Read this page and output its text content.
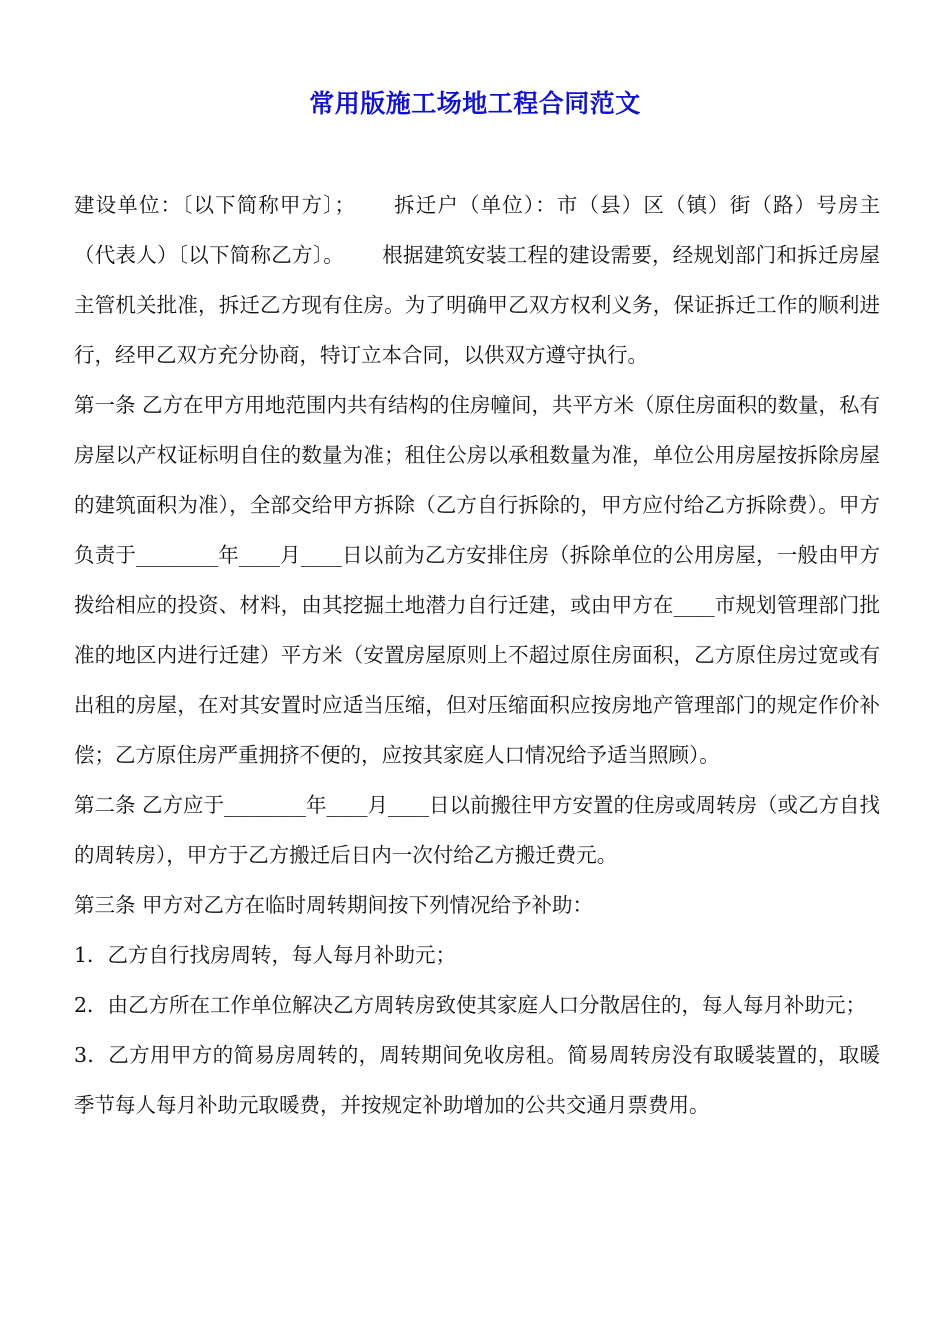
常用版施工场地工程合同范文

建设单位：〔以下简称甲方〕； 拆迁户（单位）：市（县）区（镇）街（路）号房主（代表人）〔以下简称乙方〕。 根据建筑安装工程的建设需要，经规划部门和拆迁房屋主管机关批准，拆迁乙方现有住房。为了明确甲乙双方权利义务，保证拆迁工作的顺利进行，经甲乙双方充分协商，特订立本合同，以供双方遵守执行。

第一条 乙方在甲方用地范围内共有结构的住房幢间，共平方米（原住房面积的数量，私有房屋以产权证标明自住的数量为准；租住公房以承租数量为准，单位公用房屋按拆除房屋的建筑面积为准），全部交给甲方拆除（乙方自行拆除的，甲方应付给乙方拆除费）。甲方负责于________年____月____日以前为乙方安排住房（拆除单位的公用房屋，一般由甲方拨给相应的投资、材料，由其挖掘土地潜力自行迁建，或由甲方在____市规划管理部门批准的地区内进行迁建）平方米（安置房屋原则上不超过原住房面积，乙方原住房过宽或有出租的房屋，在对其安置时应适当压缩，但对压缩面积应按房地产管理部门的规定作价补偿；乙方原住房严重拥挤不便的，应按其家庭人口情况给予适当照顾）。

第二条 乙方应于________年____月____日以前搬往甲方安置的住房或周转房（或乙方自找的周转房），甲方于乙方搬迁后日内一次付给乙方搬迁费元。

第三条 甲方对乙方在临时周转期间按下列情况给予补助：

1．乙方自行找房周转，每人每月补助元；

2．由乙方所在工作单位解决乙方周转房致使其家庭人口分散居住的，每人每月补助元；

3．乙方用甲方的简易房周转的，周转期间免收房租。简易周转房没有取暖装置的，取暖季节每人每月补助元取暖费，并按规定补助增加的公共交通月票费用。
